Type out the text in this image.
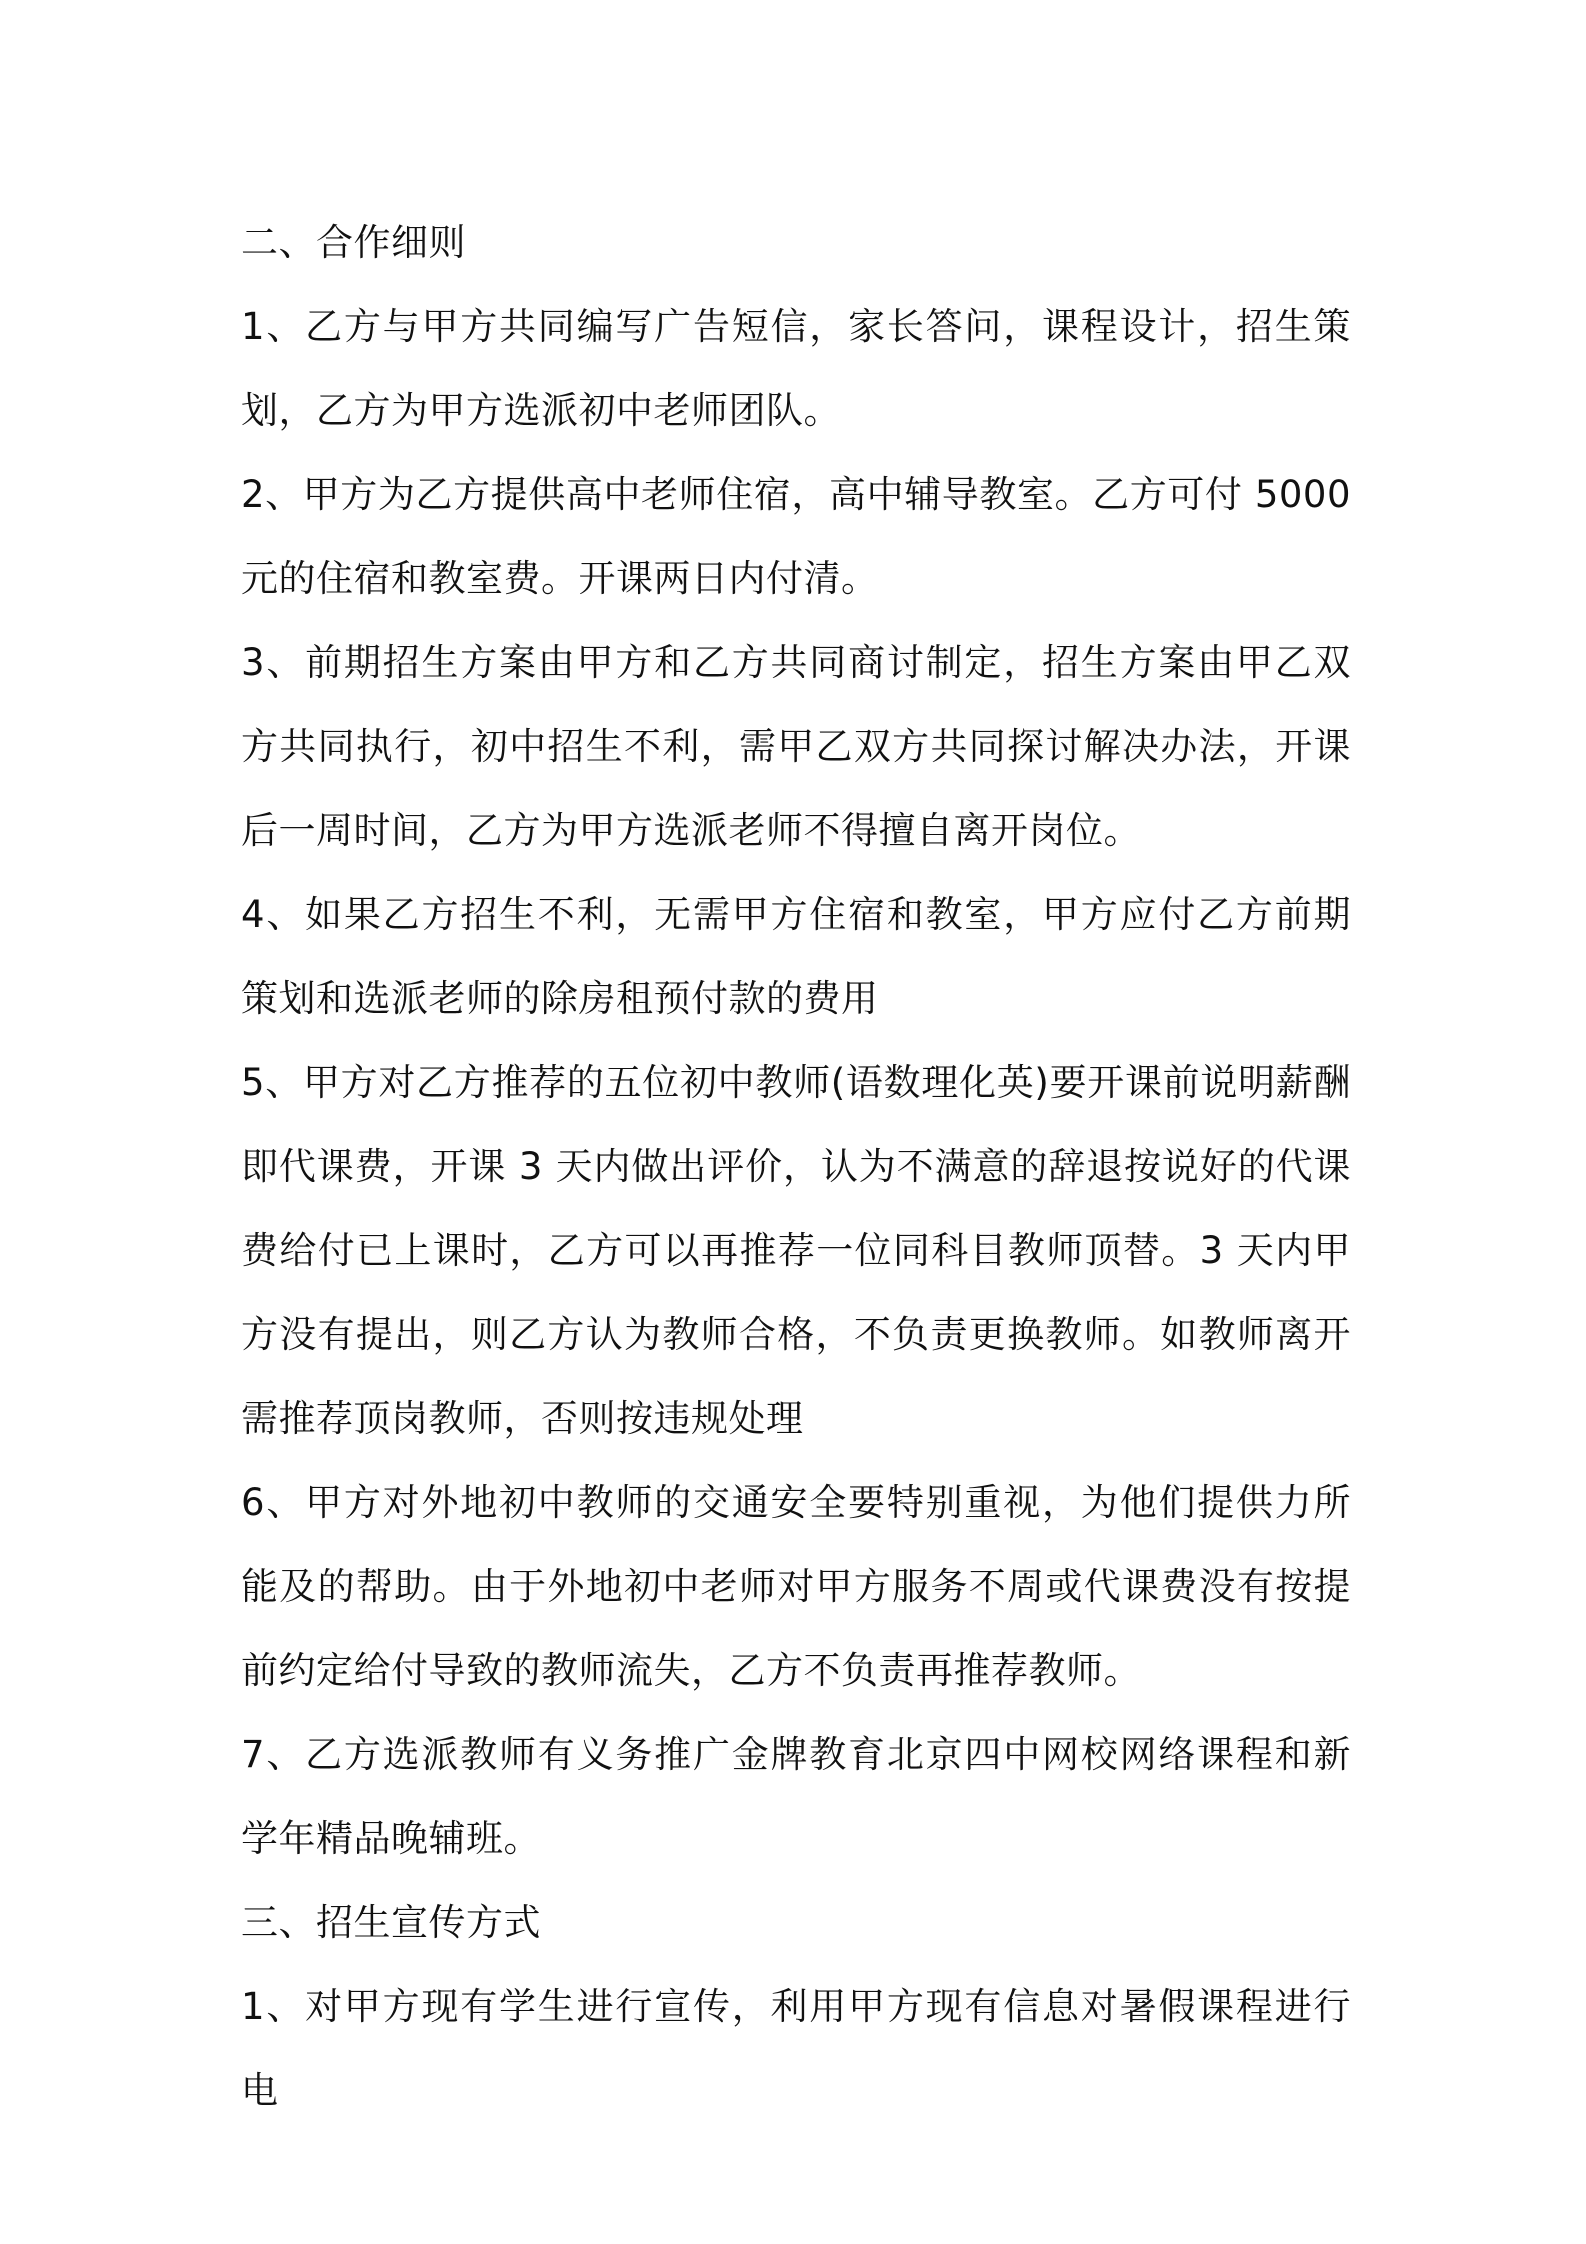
二、合作细则

1、乙方与甲方共同编写广告短信，家长答问，课程设计，招生策划，乙方为甲方选派初中老师团队。

2、甲方为乙方提供高中老师住宿，高中辅导教室。乙方可付 5000 元的住宿和教室费。开课两日内付清。

3、前期招生方案由甲方和乙方共同商讨制定，招生方案由甲乙双方共同执行，初中招生不利，需甲乙双方共同探讨解决办法，开课后一周时间，乙方为甲方选派老师不得擅自离开岗位。

4、如果乙方招生不利，无需甲方住宿和教室，甲方应付乙方前期策划和选派老师的除房租预付款的费用

5、甲方对乙方推荐的五位初中教师(语数理化英)要开课前说明薪酬即代课费，开课 3 天内做出评价，认为不满意的辞退按说好的代课费给付已上课时，乙方可以再推荐一位同科目教师顶替。3 天内甲方没有提出，则乙方认为教师合格，不负责更换教师。如教师离开需推荐顶岗教师，否则按违规处理

6、甲方对外地初中教师的交通安全要特别重视，为他们提供力所能及的帮助。由于外地初中老师对甲方服务不周或代课费没有按提前约定给付导致的教师流失，乙方不负责再推荐教师。

7、乙方选派教师有义务推广金牌教育北京四中网校网络课程和新学年精品晚辅班。

三、招生宣传方式

1、对甲方现有学生进行宣传，利用甲方现有信息对暑假课程进行电
